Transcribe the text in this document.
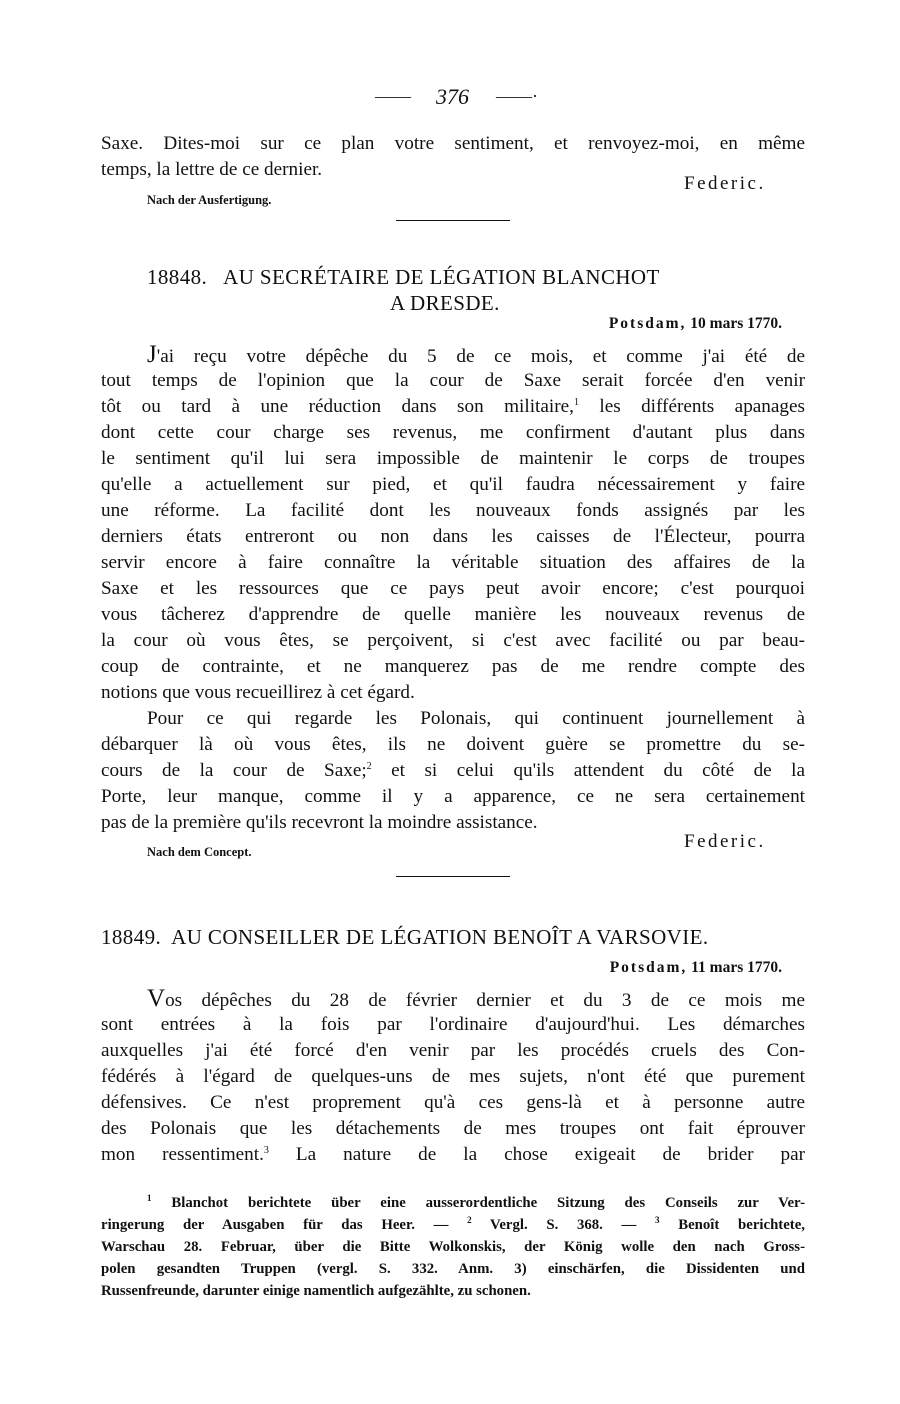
—— 376 ——·
Saxe. Dites-moi sur ce plan votre sentiment, et renvoyez-moi, en même
temps, la lettre de ce dernier.
Federic.
Nach der Ausfertigung.
18848. AU SECRÉTAIRE DE LÉGATION BLANCHOT
A DRESDE.
Potsdam, 10 mars 1770.
J'ai reçu votre dépêche du 5 de ce mois, et comme j'ai été de
tout temps de l'opinion que la cour de Saxe serait forcée d'en venir
tôt ou tard à une réduction dans son militaire,$^1$ les différents apanages
dont cette cour charge ses revenus, me confirment d'autant plus dans
le sentiment qu'il lui sera impossible de maintenir le corps de troupes
qu'elle a actuellement sur pied, et qu'il faudra nécessairement y faire
une réforme. La facilité dont les nouveaux fonds assignés par les
derniers états entreront ou non dans les caisses de l'Électeur, pourra
servir encore à faire connaître la véritable situation des affaires de la
Saxe et les ressources que ce pays peut avoir encore; c'est pourquoi
vous tâcherez d'apprendre de quelle manière les nouveaux revenus de
la cour où vous êtes, se perçoivent, si c'est avec facilité ou par beau-
coup de contrainte, et ne manquerez pas de me rendre compte des
notions que vous recueillirez à cet égard.
Pour ce qui regarde les Polonais, qui continuent journellement à
débarquer là où vous êtes, ils ne doivent guère se promettre du se-
cours de la cour de Saxe;$^2$ et si celui qu'ils attendent du côté de la
Porte, leur manque, comme il y a apparence, ce ne sera certainement
pas de la première qu'ils recevront la moindre assistance.
Federic.
Nach dem Concept.
18849. AU CONSEILLER DE LÉGATION BENOÎT A VARSOVIE.
Potsdam, 11 mars 1770.
Vos dépêches du 28 de février dernier et du 3 de ce mois me
sont entrées à la fois par l'ordinaire d'aujourd'hui. Les démarches
auxquelles j'ai été forcé d'en venir par les procédés cruels des Con-
fédérés à l'égard de quelques-uns de mes sujets, n'ont été que purement
défensives. Ce n'est proprement qu'à ces gens-là et à personne autre
des Polonais que les détachements de mes troupes ont fait éprouver
mon ressentiment.$^3$ La nature de la chose exigeait de brider par
$^1$ Blanchot berichtete über eine ausserordentliche Sitzung des Conseils zur Ver-
ringerung der Ausgaben für das Heer. — $^2$ Vergl. S. 368. — $^3$ Benoît berichtete,
Warschau 28. Februar, über die Bitte Wolkonskis, der König wolle den nach Gross-
polen gesandten Truppen (vergl. S. 332. Anm. 3) einschärfen, die Dissidenten und
Russenfreunde, darunter einige namentlich aufgezählte, zu schonen.
